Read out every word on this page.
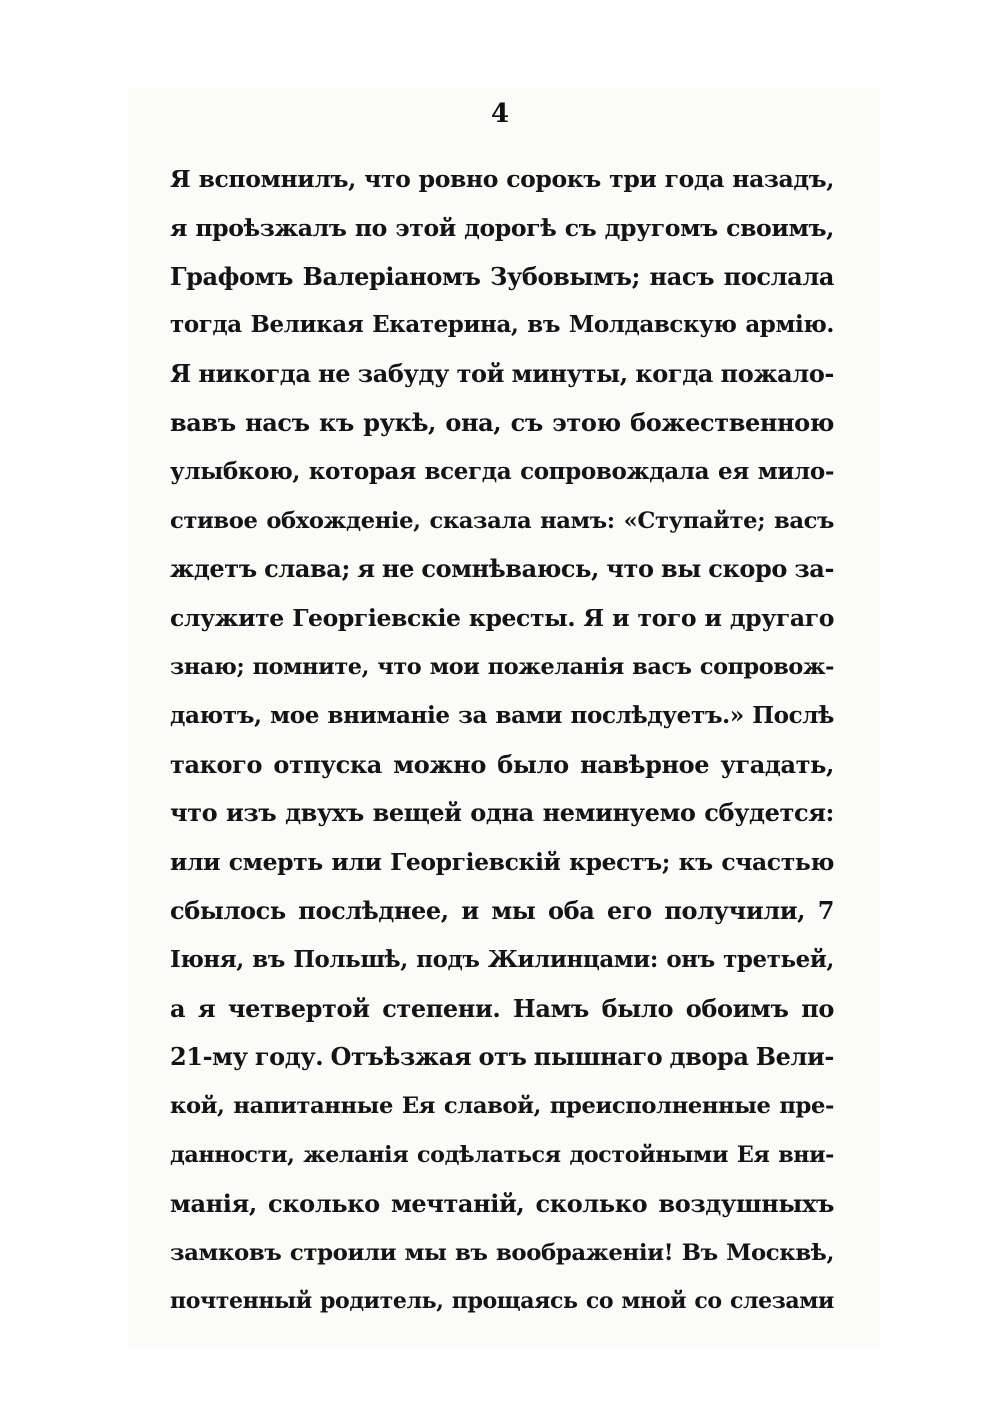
4
Я вспомнилъ, что ровно сорокъ три года назадъ,
я проѣзжалъ по этой дорогѣ съ другомъ своимъ,
Графомъ Валеріаномъ Зубовымъ; насъ послала
тогда Великая Екатерина, въ Молдавскую армію.
Я никогда не забуду той минуты, когда пожало-
вавъ насъ къ рукѣ, она, съ этою божественною
улыбкою, которая всегда сопровождала ея мило-
стивое обхожденіе, сказала намъ: «Ступайте; васъ
ждетъ слава; я не сомнѣваюсь, что вы скоро за-
служите Георгіевскіе кресты. Я и того и другаго
знаю; помните, что мои пожеланія васъ сопровож-
даютъ, мое вниманіе за вами послѣдуетъ.» Послѣ
такого отпуска можно было навѣрное угадать,
что изъ двухъ вещей одна неминуемо сбудется:
или смерть или Георгіевскій крестъ; къ счастью
сбылось послѣднее, и мы оба его получили, 7
Іюня, въ Польшѣ, подъ Жилинцами: онъ третьей,
а я четвертой степени. Намъ было обоимъ по
21-му году. Отъѣзжая отъ пышнаго двора Вели-
кой, напитанные Ея славой, преисполненные пре-
данности, желанія содѣлаться достойными Ея вни-
манія, сколько мечтаній, сколько воздушныхъ
замковъ строили мы въ воображеніи! Въ Москвѣ,
почтенный родитель, прощаясь со мной со слезами
